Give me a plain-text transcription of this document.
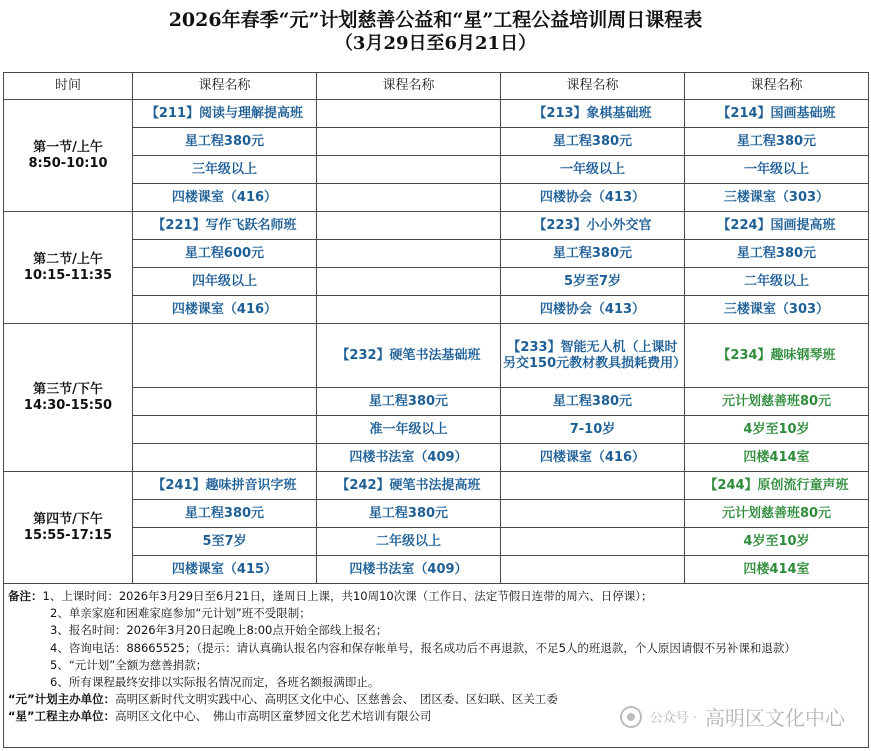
2026年春季“元”计划慈善公益和“星”工程公益培训周日课程表
（3月29日至6月21日）
时间	课程名称	课程名称	课程名称	课程名称

第一节/上午
8:50-10:10	【211】阅读与理解提高班		【213】象棋基础班	【214】国画基础班
	星工程380元		星工程380元	星工程380元
	三年级以上		一年级以上	一年级以上
	四楼课室（416）		四楼协会（413）	三楼课室（303）

第二节/上午
10:15-11:35	【221】写作飞跃名师班		【223】小小外交官	【224】国画提高班
	星工程600元		星工程380元	星工程380元
	四年级以上		5岁至7岁	二年级以上
	四楼课室（416）		四楼协会（413）	三楼课室（303）

第三节/下午
14:30-15:50		【232】硬笔书法基础班	【233】智能无人机（上课时另交150元教材教具损耗费用）	【234】趣味钢琴班
		星工程380元	星工程380元	元计划慈善班80元
		准一年级以上	7-10岁	4岁至10岁
		四楼书法室（409）	四楼课室（416）	四楼414室

第四节/下午
15:55-17:15	【241】趣味拼音识字班	【242】硬笔书法提高班		【244】原创流行童声班
	星工程380元	星工程380元		元计划慈善班80元
	5至7岁	二年级以上		4岁至10岁
	四楼课室（415）	四楼书法室（409）		四楼414室
备注：1、上课时间：2026年3月29日至6月21日，逢周日上课，共10周10次课（工作日、法定节假日连带的周六、日停课）；
2、单亲家庭和困难家庭参加“元计划”班不受限制；
3、报名时间：2026年3月20日起晚上8:00点开始全部线上报名；
4、咨询电话：88665525；（提示：请认真确认报名内容和保存帐单号，报名成功后不再退款，不足5人的班退款，个人原因请假不另补课和退款）
5、“元计划”全额为慈善捐款；
6、所有课程最终安排以实际报名情况而定，各班名额报满即止。
“元”计划主办单位：高明区新时代文明实践中心、高明区文化中心、区慈善会、　团区委、区妇联、区关工委
“星”工程主办单位：高明区文化中心、　佛山市高明区童梦园文化艺术培训有限公司	公众号 · 高明区文化中心
